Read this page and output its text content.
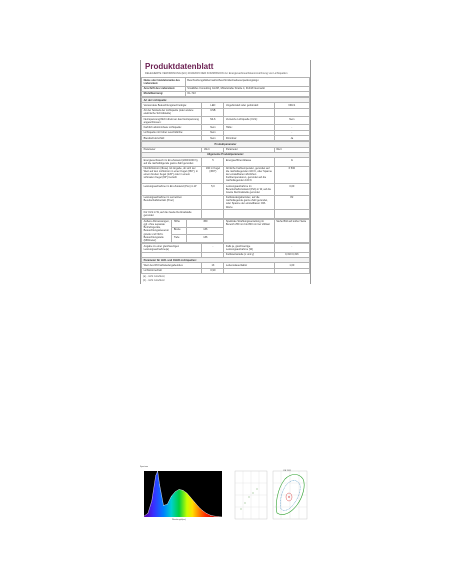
Produktdatenblatt
DELEGIERTE VERORDNUNG (EU) 2019/2015 DER KOMMISSION zur Energieverbrauchskennzeichnung von Lichtquellen
Name oder Handelsmarke des Lieferanten:	Beschreibungsbildermatrix2/leuchtmittelmarkeverpackungslogo
Anschrift des Lieferanten:	SmallMes Consulting GmbH, Mittelstraße Straße 4, 91443 Neumarkt
Modellkennung:	OL-722
Art der Lichtquelle:			
Verwendete Beleuchtungstechnologie:	LED	Ungebündelt oder gebündelt:	NDLS
Art der Sockels der Lichtquelle (oder andere elektrische Schnittstelle)	USB		
Netzspannung/Nicht direkt an das Netzspannung angeschlossen:	MLS	Vernetzte Lichtquelle (CLS):	Nein
Farblich abstimmbare Lichtquelle:	Nein	Hülle:	-
Lichtquelle mit hoher Leuchtdichte:	Nein		-
Blendschutzschild:	Nein	Dimmbar:	Ja
Produktparameter			
Parameter	Wert	Parameter	Wert
Allgemeine Produktparameter:			
Energieverbrauch im Ein-Zustand (kWh/1000 h), auf die nächstfolgende ganze Zahl gerundet	5	Energieeffizienzklasse	G
Nutzlichtstrom (Φuse) mit Angabe, ob sich der Wert auf den Lichtstrom in einer Kugel (360°), in einem breiten Kegel (120°) oder in einem schmalen Kegel (90°) bezieht	160 in Kugel (360°)	Ähnliche Farbtemperatur, gerundet auf die nächstliegenden 100 K, oder Spanne der einstellbaren ähnlichen Farbtemperaturen, gerundet auf die nächstliegenden 100 K	6 500
Leistungsaufnahme im Ein-Zustand (Pon) in W	5,0	Leistungsaufnahme im Bereitschaftszustand (Psb) in W, auf die zweite Dezimalstelle gerundet	0,00
Leistungsaufnahme im vernetzten Bereitschaftsbetrieb (Pnet)		Farbwiedergabeindex, auf die nächstliegende ganze Zahl gerundet, oder Spanne der einstellbaren CRI-Werte	82
Für CLS in W, auf die zweite Dezimalstelle gerundet			
Äußere Abmessungen, ggf. ohne separate Betriebsgeräte, Beleuchtungssteuerungsteile und Nicht-Beleuchtungsteile (Millimeter)	Höhe	450	Spektrale Strahlungsverteilung im Bereich 250 nm bis 800 nm bei Volllast	Siehe Bild auf letzter Seite
	Breite	136		
	Tiefe	136		
Angabe zu einer gleichwertigen Leistungsaufnahme(a)	-	Falls ja, gleichwertige Leistungsaufnahme (W)	-
		Farbwertanteile (x und y)	0,310 0,316
Parameter für LED- und OLED-Lichtquellen:			
Wert des R9 Farbwiedergabeindex	13	Lebensdauerfaktor	1,00
Lichtstromerhalt	0,90		
(a) - nicht zutreffend,
(b) - nicht zutreffend
Spectrum
Wavelength(nm)
CIE 1931
